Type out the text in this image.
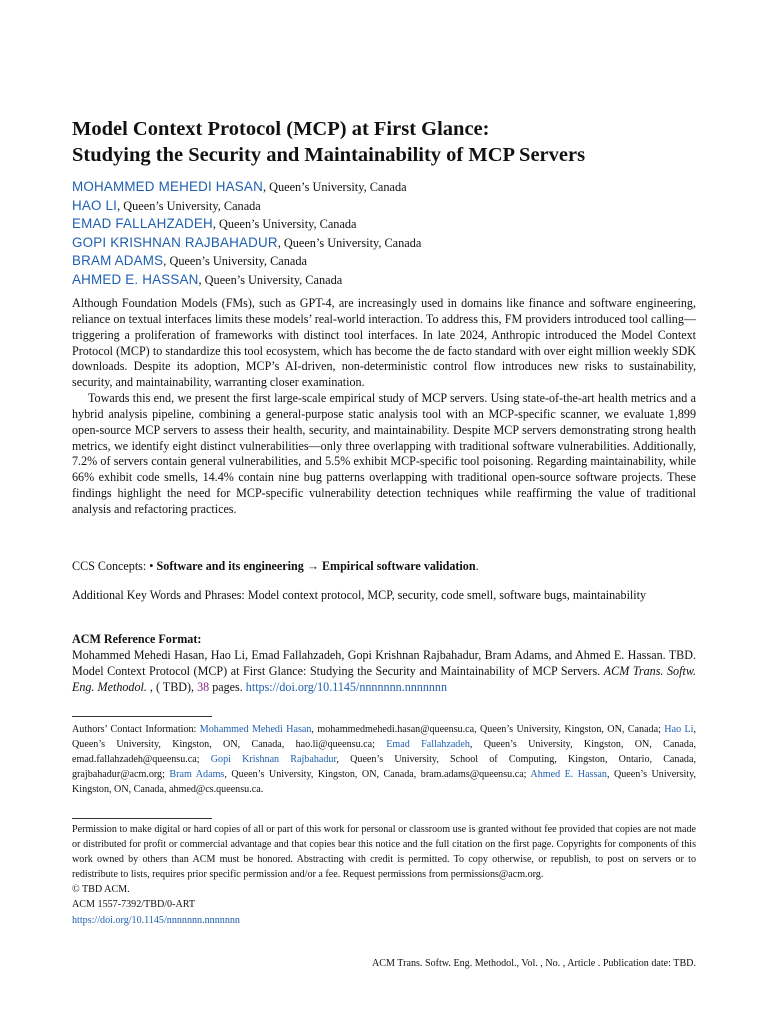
Model Context Protocol (MCP) at First Glance:
Studying the Security and Maintainability of MCP Servers
MOHAMMED MEHEDI HASAN, Queen’s University, Canada
HAO LI, Queen’s University, Canada
EMAD FALLAHZADEH, Queen’s University, Canada
GOPI KRISHNAN RAJBAHADUR, Queen’s University, Canada
BRAM ADAMS, Queen’s University, Canada
AHMED E. HASSAN, Queen’s University, Canada

Although Foundation Models (FMs), such as GPT-4, are increasingly used in domains like finance and software engineering, reliance on textual interfaces limits these models’ real-world interaction. To address this, FM providers introduced tool calling—triggering a proliferation of frameworks with distinct tool interfaces. In late 2024, Anthropic introduced the Model Context Protocol (MCP) to standardize this tool ecosystem, which has become the de facto standard with over eight million weekly SDK downloads. Despite its adoption, MCP’s AI-driven, non-deterministic control flow introduces new risks to sustainability, security, and maintainability, warranting closer examination.

Towards this end, we present the first large-scale empirical study of MCP servers. Using state-of-the-art health metrics and a hybrid analysis pipeline, combining a general-purpose static analysis tool with an MCP-specific scanner, we evaluate 1,899 open-source MCP servers to assess their health, security, and maintainability. Despite MCP servers demonstrating strong health metrics, we identify eight distinct vulnerabilities—only three overlapping with traditional software vulnerabilities. Additionally, 7.2% of servers contain general vulnerabilities, and 5.5% exhibit MCP-specific tool poisoning. Regarding maintainability, while 66% exhibit code smells, 14.4% contain nine bug patterns overlapping with traditional open-source software projects. These findings highlight the need for MCP-specific vulnerability detection techniques while reaffirming the value of traditional analysis and refactoring practices.

CCS Concepts: • Software and its engineering → Empirical software validation.
Additional Key Words and Phrases: Model context protocol, MCP, security, code smell, software bugs, maintainability
ACM Reference Format:
Mohammed Mehedi Hasan, Hao Li, Emad Fallahzadeh, Gopi Krishnan Rajbahadur, Bram Adams, and Ahmed E. Hassan. TBD. Model Context Protocol (MCP) at First Glance: Studying the Security and Maintainability of MCP Servers. ACM Trans. Softw. Eng. Methodol. , ( TBD), 38 pages. https://doi.org/10.1145/nnnnnnn.nnnnnnn
Authors’ Contact Information: Mohammed Mehedi Hasan, mohammedmehedi.hasan@queensu.ca, Queen’s University, Kingston, ON, Canada; Hao Li, Queen’s University, Kingston, ON, Canada, hao.li@queensu.ca; Emad Fallahzadeh, Queen’s University, Kingston, ON, Canada, emad.fallahzadeh@queensu.ca; Gopi Krishnan Rajbahadur, Queen’s University, School of Computing, Kingston, Ontario, Canada, grajbahadur@acm.org; Bram Adams, Queen’s University, Kingston, ON, Canada, bram.adams@queensu.ca; Ahmed E. Hassan, Queen’s University, Kingston, ON, Canada, ahmed@cs.queensu.ca.
Permission to make digital or hard copies of all or part of this work for personal or classroom use is granted without fee provided that copies are not made or distributed for profit or commercial advantage and that copies bear this notice and the full citation on the first page. Copyrights for components of this work owned by others than ACM must be honored. Abstracting with credit is permitted. To copy otherwise, or republish, to post on servers or to redistribute to lists, requires prior specific permission and/or a fee. Request permissions from permissions@acm.org.
© TBD ACM.
ACM 1557-7392/TBD/0-ART
https://doi.org/10.1145/nnnnnnn.nnnnnnn
ACM Trans. Softw. Eng. Methodol., Vol. , No. , Article . Publication date: TBD.
